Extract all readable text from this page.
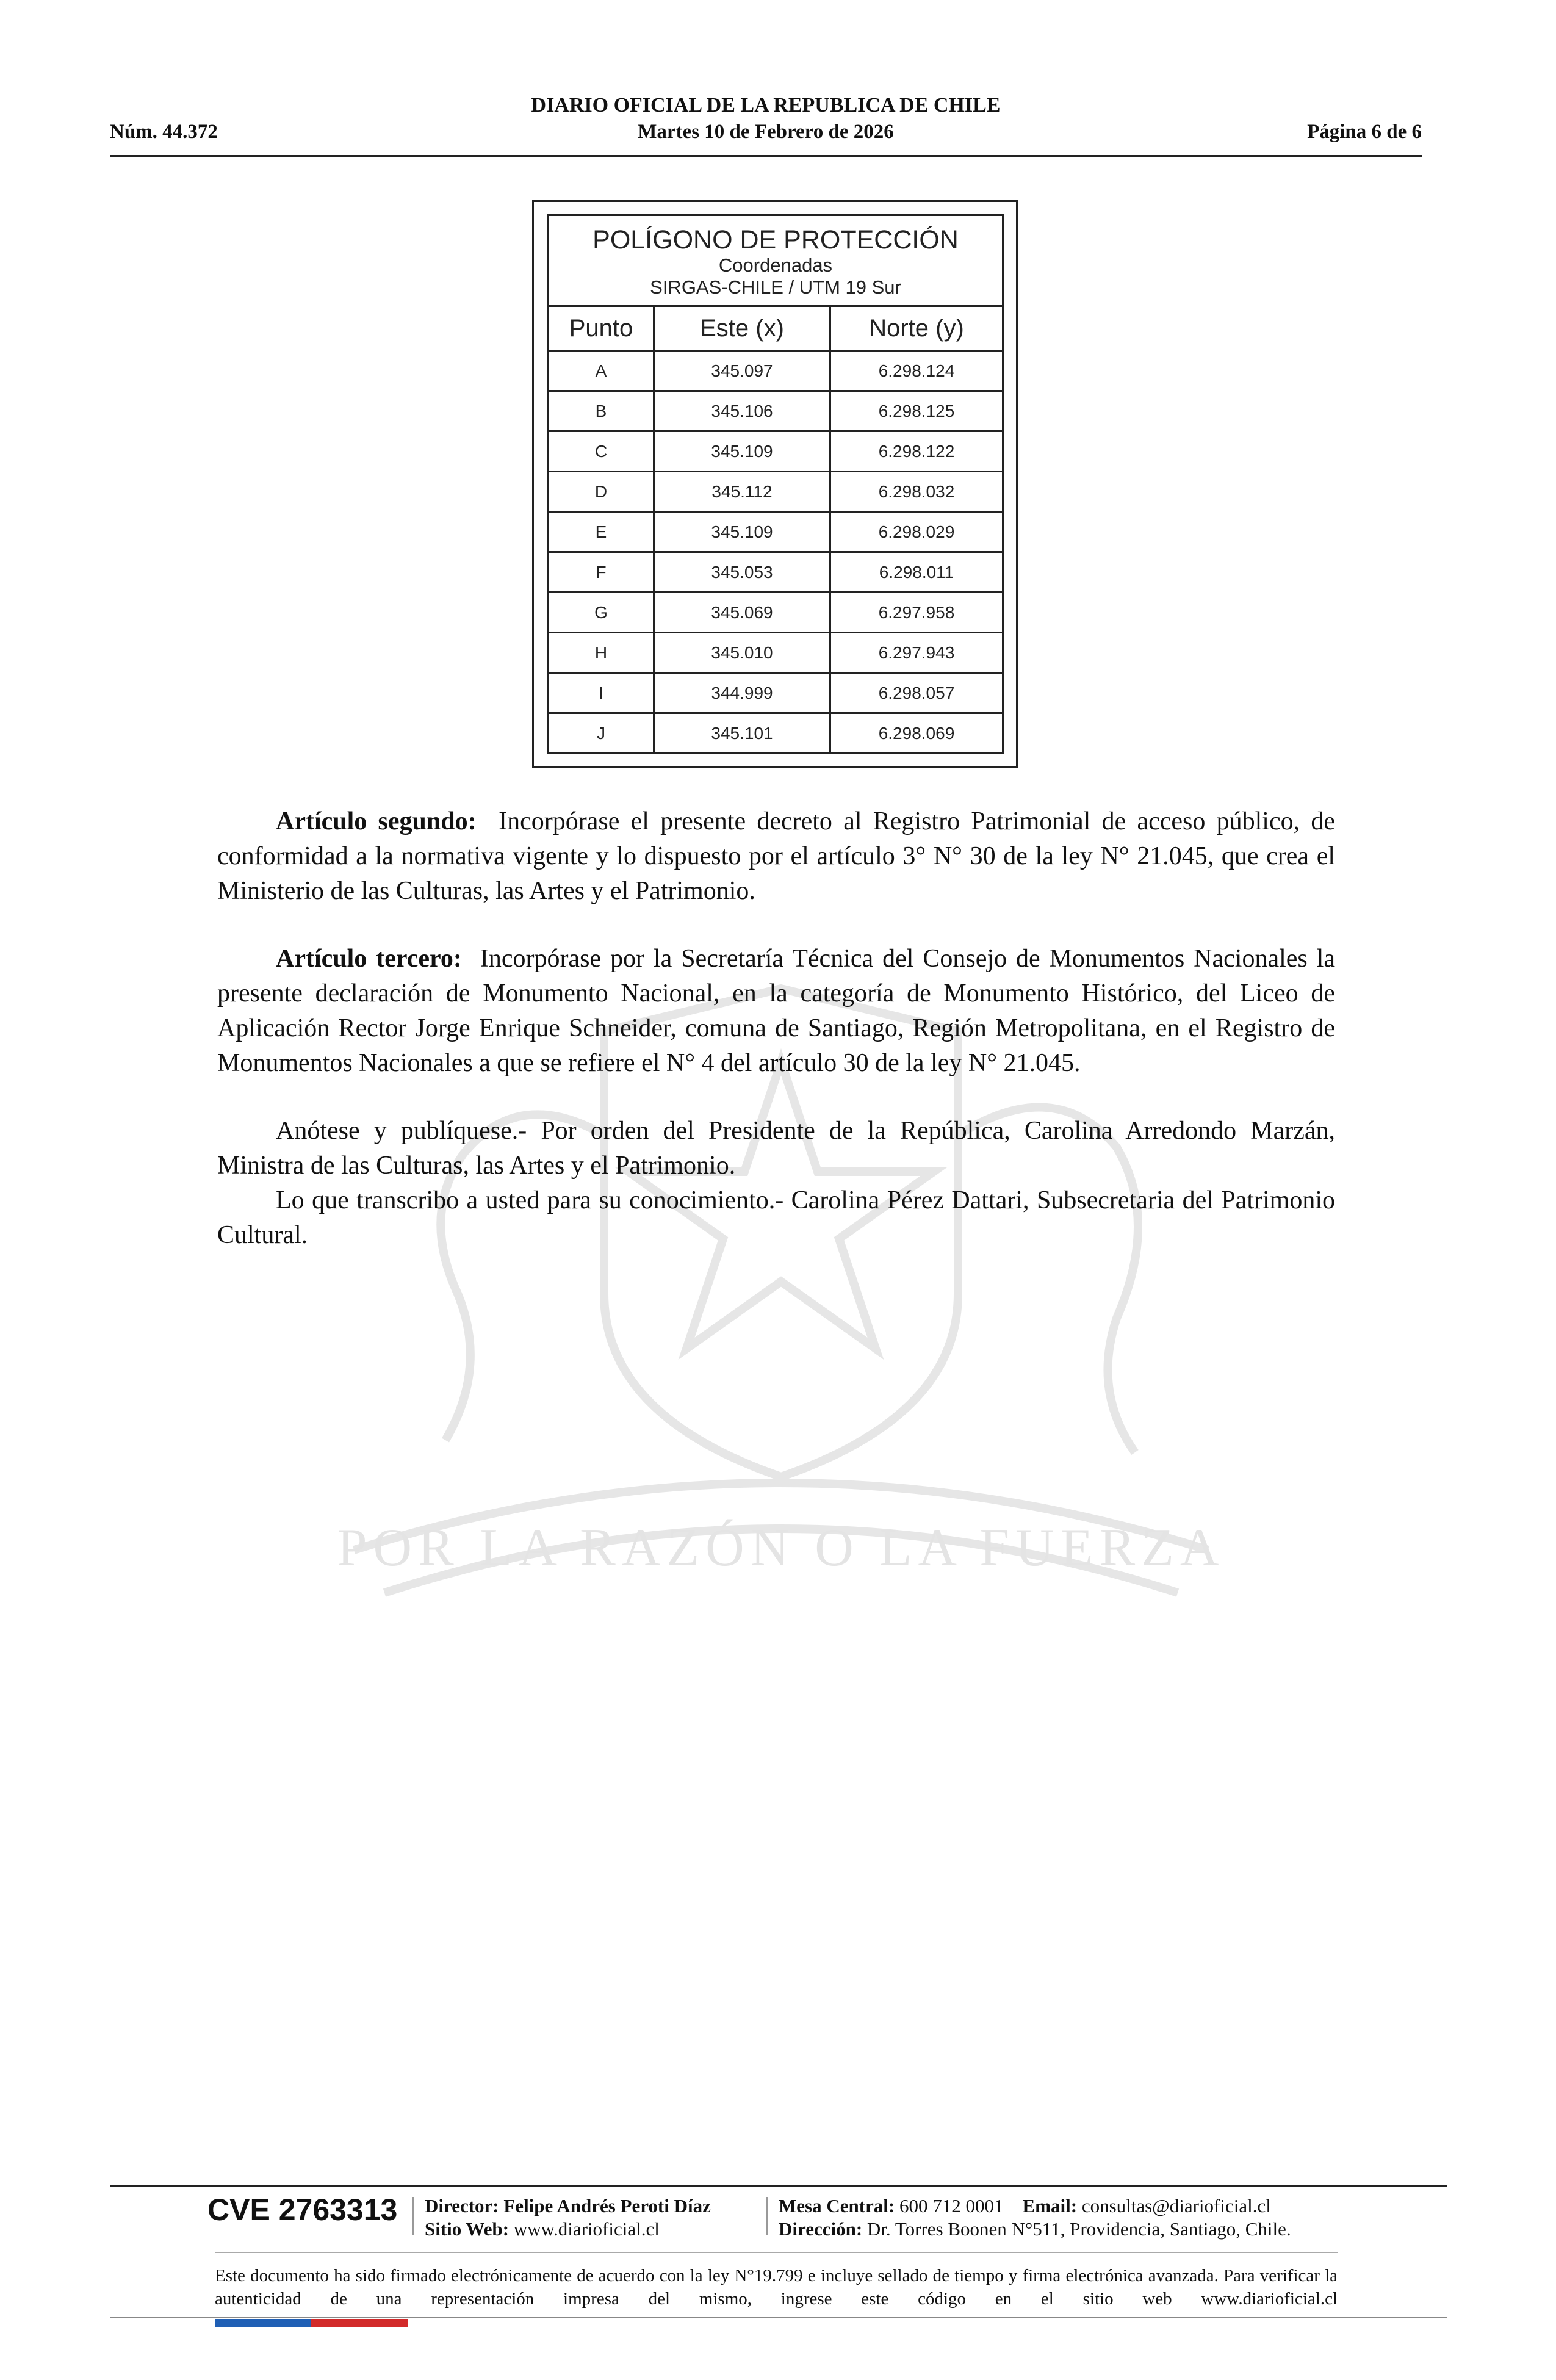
DIARIO OFICIAL DE LA REPUBLICA DE CHILE
Núm. 44.372	Martes 10 de Febrero de 2026	Página 6 de 6
POR LA RAZÓN O LA FUERZA
POLÍGONO DE PROTECCIÓN
Coordenadas
SIRGAS-CHILE / UTM 19 Sur		

Punto	Este (x)	Norte (y)
A	345.097	6.298.124
B	345.106	6.298.125
C	345.109	6.298.122
D	345.112	6.298.032
E	345.109	6.298.029
F	345.053	6.298.011
G	345.069	6.297.958
H	345.010	6.297.943
I	344.999	6.298.057
J	345.101	6.298.069

Artículo segundo: Incorpórase el presente decreto al Registro Patrimonial de acceso público, de conformidad a la normativa vigente y lo dispuesto por el artículo 3° N° 30 de la ley N° 21.045, que crea el Ministerio de las Culturas, las Artes y el Patrimonio.

Artículo tercero: Incorpórase por la Secretaría Técnica del Consejo de Monumentos Nacionales la presente declaración de Monumento Nacional, en la categoría de Monumento Histórico, del Liceo de Aplicación Rector Jorge Enrique Schneider, comuna de Santiago, Región Metropolitana, en el Registro de Monumentos Nacionales a que se refiere el N° 4 del artículo 30 de la ley N° 21.045.

Anótese y publíquese.- Por orden del Presidente de la República, Carolina Arredondo Marzán, Ministra de las Culturas, las Artes y el Patrimonio.

Lo que transcribo a usted para su conocimiento.- Carolina Pérez Dattari, Subsecretaria del Patrimonio Cultural.

CVE 2763313 Director: Felipe Andrés Peroti Díaz
Sitio Web: www.diarioficial.cl
Mesa Central: 600 712 0001 Email: consultas@diarioficial.cl
Dirección: Dr. Torres Boonen N°511, Providencia, Santiago, Chile.
Este documento ha sido firmado electrónicamente de acuerdo con la ley N°19.799 e incluye sellado de tiempo y firma electrónica avanzada. Para verificar la autenticidad de una representación impresa del mismo, ingrese este código en el sitio web www.diarioficial.cl
